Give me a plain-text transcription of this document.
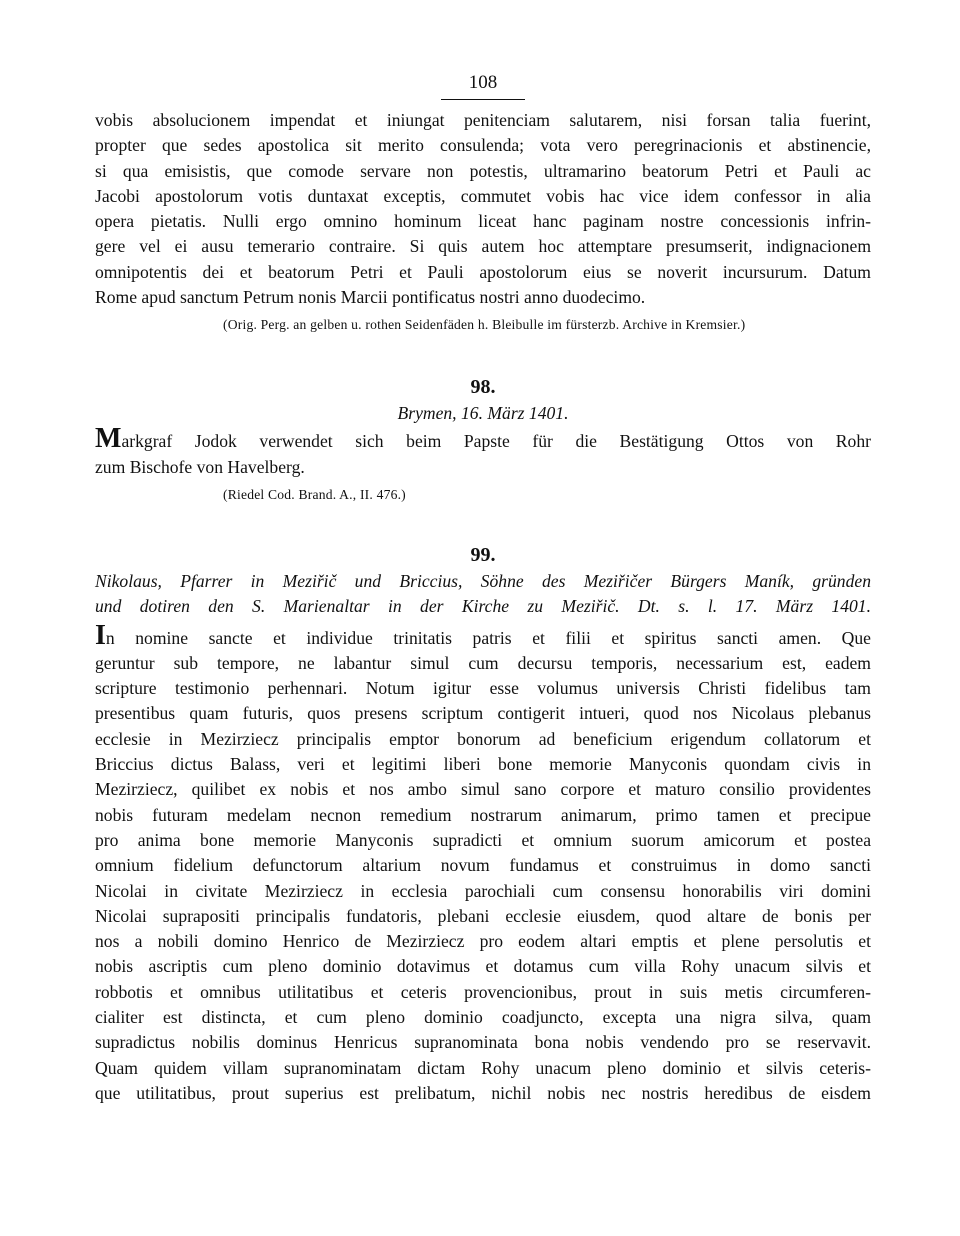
108
vobis absolucionem impendat et iniungat penitenciam salutarem, nisi forsan talia fuerint,
propter que sedes apostolica sit merito consulenda; vota vero peregrinacionis et abstinencie,
si qua emisistis, que comode servare non potestis, ultramarino beatorum Petri et Pauli ac
Jacobi apostolorum votis duntaxat exceptis, commutet vobis hac vice idem confessor in alia
opera pietatis. Nulli ergo omnino hominum liceat hanc paginam nostre concessionis infrin-
gere vel ei ausu temerario contraire. Si quis autem hoc attemptare presumserit, indignacionem
omnipotentis dei et beatorum Petri et Pauli apostolorum eius se noverit incursurum. Datum
Rome apud sanctum Petrum nonis Marcii pontificatus nostri anno duodecimo.
(Orig. Perg. an gelben u. rothen Seidenfäden h. Bleibulle im fürsterzb. Archive in Kremsier.)
98.
Brymen, 16. März 1401.
Markgraf Jodok verwendet sich beim Papste für die Bestätigung Ottos von Rohr
zum Bischofe von Havelberg.
(Riedel Cod. Brand. A., II. 476.)
99.
Nikolaus, Pfarrer in Meziřič und Briccius, Söhne des Meziřičer Bürgers Maník, gründen
und dotiren den S. Marienaltar in der Kirche zu Meziřič. Dt. s. l. 17. März 1401.
In nomine sancte et individue trinitatis patris et filii et spiritus sancti amen. Que
geruntur sub tempore, ne labantur simul cum decursu temporis, necessarium est, eadem
scripture testimonio perhennari. Notum igitur esse volumus universis Christi fidelibus tam
presentibus quam futuris, quos presens scriptum contigerit intueri, quod nos Nicolaus plebanus
ecclesie in Mezirziecz principalis emptor bonorum ad beneficium erigendum collatorum et
Briccius dictus Balass, veri et legitimi liberi bone memorie Manyconis quondam civis in
Mezirziecz, quilibet ex nobis et nos ambo simul sano corpore et maturo consilio providentes
nobis futuram medelam necnon remedium nostrarum animarum, primo tamen et precipue
pro anima bone memorie Manyconis supradicti et omnium suorum amicorum et postea
omnium fidelium defunctorum altarium novum fundamus et construimus in domo sancti
Nicolai in civitate Mezirziecz in ecclesia parochiali cum consensu honorabilis viri domini
Nicolai suprapositi principalis fundatoris, plebani ecclesie eiusdem, quod altare de bonis per
nos a nobili domino Henrico de Mezirziecz pro eodem altari emptis et plene persolutis et
nobis ascriptis cum pleno dominio dotavimus et dotamus cum villa Rohy unacum silvis et
robbotis et omnibus utilitatibus et ceteris provencionibus, prout in suis metis circumferen-
cialiter est distincta, et cum pleno dominio coadjuncto, excepta una nigra silva, quam
supradictus nobilis dominus Henricus supranominata bona nobis vendendo pro se reservavit.
Quam quidem villam supranominatam dictam Rohy unacum pleno dominio et silvis ceteris-
que utilitatibus, prout superius est prelibatum, nichil nobis nec nostris heredibus de eisdem
